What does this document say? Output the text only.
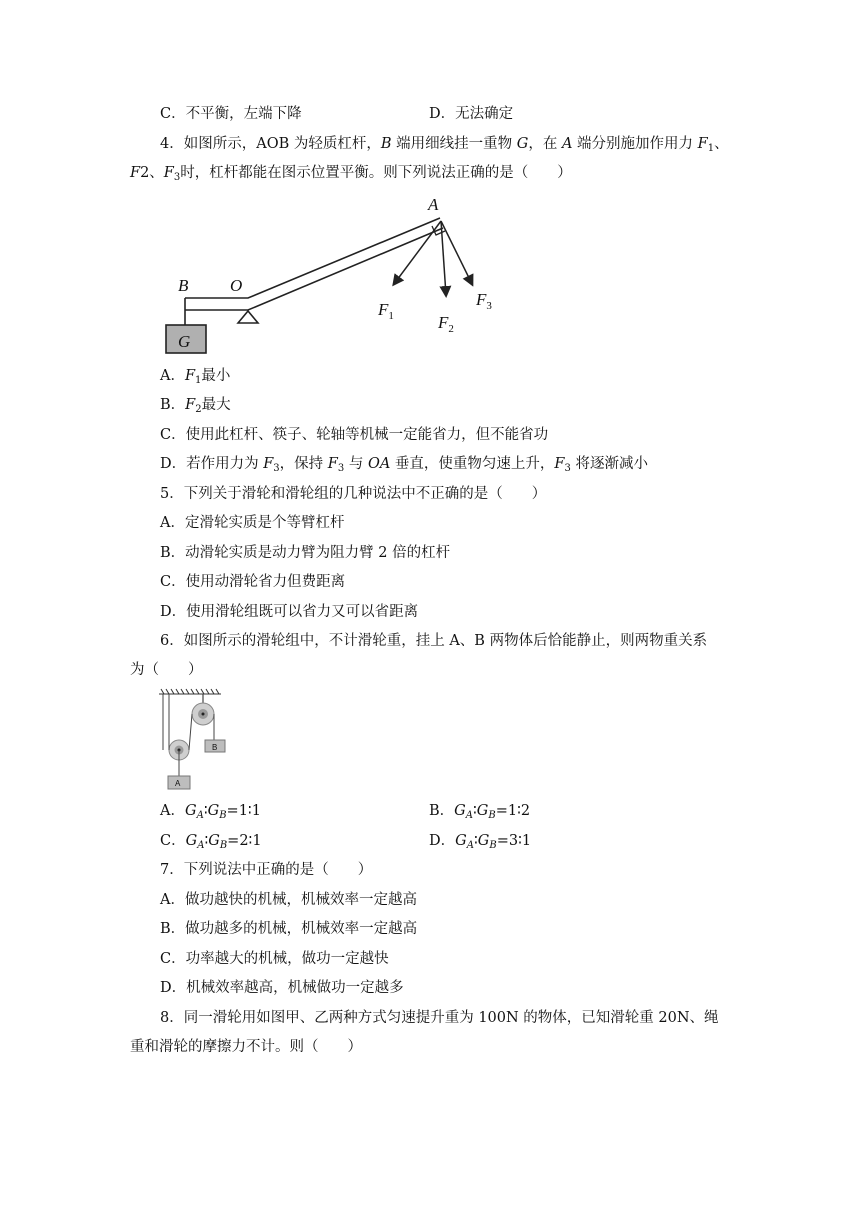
C．不平衡，左端下降	D．无法确定
4．如图所示，AOB 为轻质杠杆，B 端用细线挂一重物 G，在 A 端分别施加作用力 $F_1$、
F2、$F_3$时，杠杆都能在图示位置平衡。则下列说法正确的是（　　）
G
B O
A
$F_1$	$F_2$
$F_3$
A．$F_1$最小
B．$F_2$最大
C．使用此杠杆、筷子、轮轴等机械一定能省力，但不能省功
D．若作用力为 $F_3$，保持 $F_3$ 与 OA 垂直，使重物匀速上升，$F_3$ 将逐渐减小
5．下列关于滑轮和滑轮组的几种说法中不正确的是（　　）
A．定滑轮实质是个等臂杠杆
B．动滑轮实质是动力臂为阻力臂 2 倍的杠杆
C．使用动滑轮省力但费距离
D．使用滑轮组既可以省力又可以省距离
6．如图所示的滑轮组中，不计滑轮重，挂上 A、B 两物体后恰能静止，则两物重关系
为（　　）
B
A
A．$G_A∶G_B=1∶1$	B．$G_A∶G_B=1∶2$
C．$G_A∶G_B=2∶1$	D．$G_A∶G_B=3∶1$
7．下列说法中正确的是（　　）
A．做功越快的机械，机械效率一定越高
B．做功越多的机械，机械效率一定越高
C．功率越大的机械，做功一定越快
D．机械效率越高，机械做功一定越多
8．同一滑轮用如图甲、乙两种方式匀速提升重为 100N 的物体，已知滑轮重 20N、绳
重和滑轮的摩擦力不计。则（　　）
